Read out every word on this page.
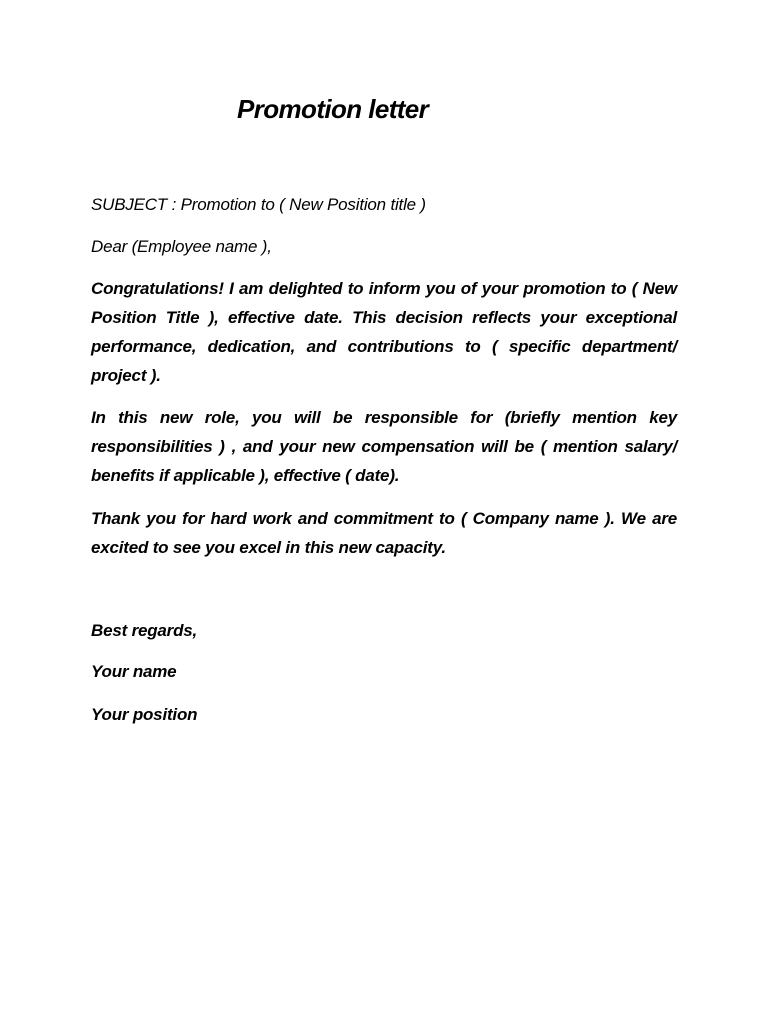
Promotion letter

SUBJECT : Promotion to ( New Position title )

Dear (Employee name ),

Congratulations! I am delighted to inform you of your promotion to ( New Position Title ), effective date. This decision reflects your exceptional performance, dedication, and contributions to ( specific department/ project ).

In this new role, you will be responsible for (briefly mention key responsibilities ) , and your new compensation will be ( mention salary/ benefits if applicable ), effective ( date).

Thank you for hard work and commitment to ( Company name ). We are excited to see you excel in this new capacity.

Best regards,

Your name

Your position
